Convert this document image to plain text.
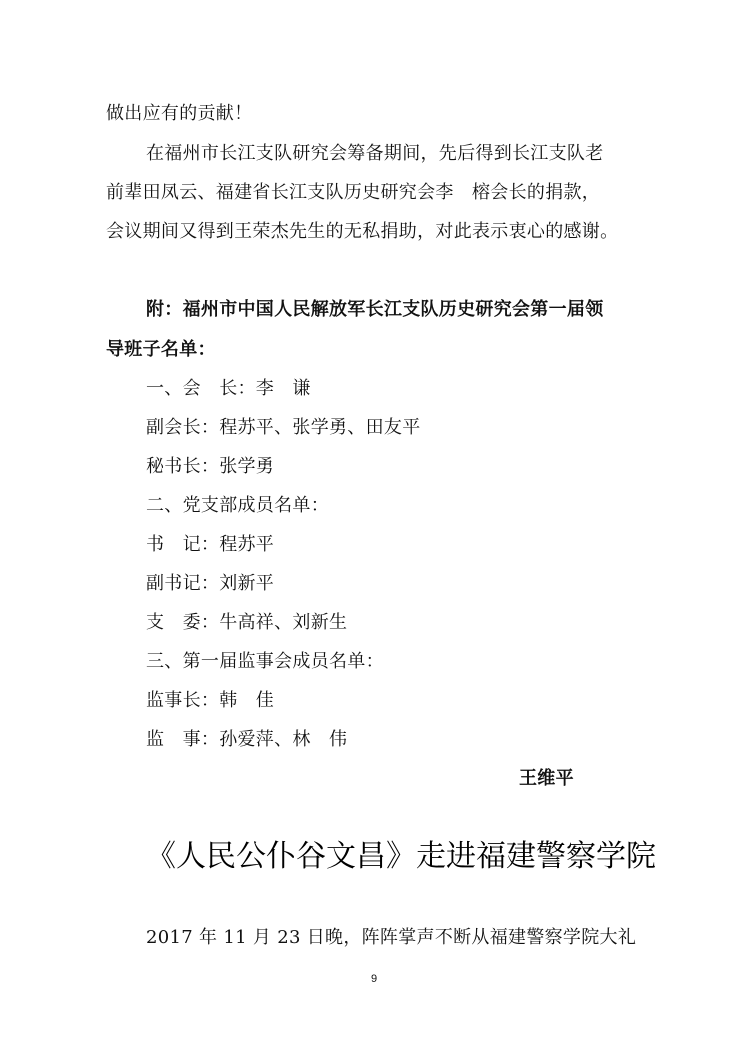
做出应有的贡献！
在福州市长江支队研究会筹备期间，先后得到长江支队老
前辈田凤云、福建省长江支队历史研究会李　榕会长的捐款，
会议期间又得到王荣杰先生的无私捐助，对此表示衷心的感谢。
附：福州市中国人民解放军长江支队历史研究会第一届领
导班子名单：
一、会　长：李　谦
副会长：程苏平、张学勇、田友平
秘书长：张学勇
二、党支部成员名单：
书　记：程苏平
副书记：刘新平
支　委：牛高祥、刘新生
三、第一届监事会成员名单：
监事长：韩　佳
监　事：孙爱萍、林　伟
王维平
《人民公仆谷文昌》走进福建警察学院
2017 年 11 月 23 日晚，阵阵掌声不断从福建警察学院大礼
9
